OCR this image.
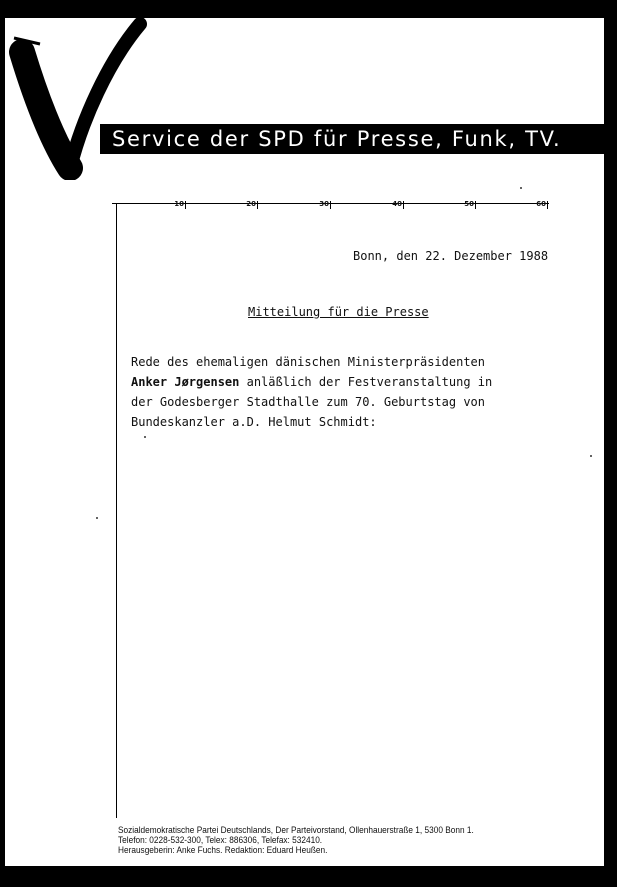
Service der SPD für Presse, Funk, TV.
10	20	30	40	50	60
Bonn, den 22. Dezember 1988
Mitteilung für die Presse
Rede des ehemaligen dänischen Ministerpräsidenten
Anker Jørgensen anläßlich der Festveranstaltung in
der Godesberger Stadthalle zum 70. Geburtstag von
Bundeskanzler a.D. Helmut Schmidt:
Sozialdemokratische Partei Deutschlands, Der Parteivorstand, Ollenhauerstraße 1, 5300 Bonn 1.
Telefon: 0228-532-300, Telex: 886306, Telefax: 532410.
Herausgeberin: Anke Fuchs. Redaktion: Eduard Heußen.
